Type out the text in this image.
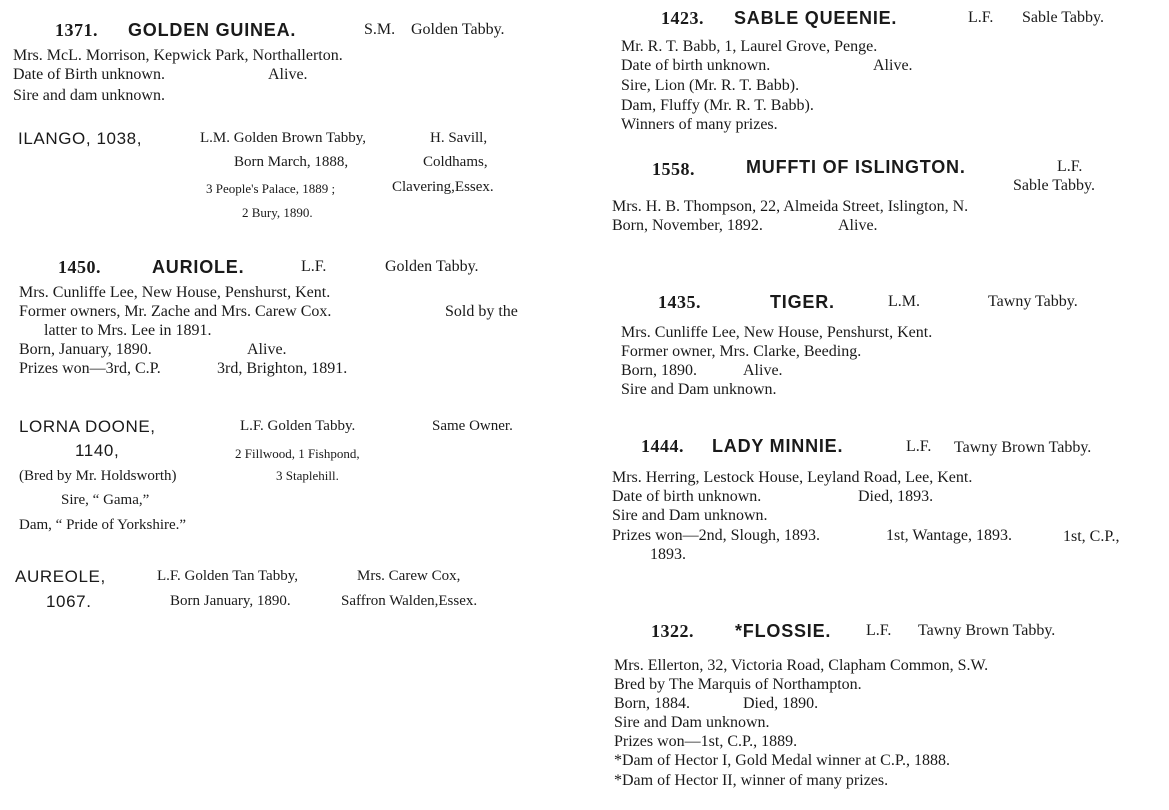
1371. GOLDEN GUINEA.	S.M. Golden Tabby.
Mrs. McL. Morrison, Kepwick Park, Northallerton.
Date of Birth unknown.	Alive.
Sire and dam unknown.
ILANGO, 1038,	L.M. Golden Brown Tabby,	H. Savill,
Born March, 1888,	Coldhams,
3 People's Palace, 1889 ;	Clavering,Essex.
2 Bury, 1890.
1450.	AURIOLE.	L.F.	Golden Tabby.
Mrs. Cunliffe Lee, New House, Penshurst, Kent.
Former owners, Mr. Zache and Mrs. Carew Cox.	Sold by the
latter to Mrs. Lee in 1891.
Born, January, 1890.	Alive.
Prizes won—3rd, C.P.	3rd, Brighton, 1891.
LORNA DOONE,	L.F. Golden Tabby.	Same Owner.
1140,	2 Fillwood, 1 Fishpond,
(Bred by Mr. Holdsworth)	3 Staplehill.
Sire, “ Gama,”
Dam, “ Pride of Yorkshire.”
AUREOLE,	L.F. Golden Tan Tabby,	Mrs. Carew Cox,
1067.	Born January, 1890.	Saffron Walden,Essex.
1423. SABLE QUEENIE.	L.F. Sable Tabby.
Mr. R. T. Babb, 1, Laurel Grove, Penge.
Date of birth unknown.	Alive.
Sire, Lion (Mr. R. T. Babb).
Dam, Fluffy (Mr. R. T. Babb).
Winners of many prizes.
1558.	MUFFTI OF ISLINGTON.	L.F.
Sable Tabby.
Mrs. H. B. Thompson, 22, Almeida Street, Islington, N.
Born, November, 1892.	Alive.
1435.	TIGER.	L.M.	Tawny Tabby.
Mrs. Cunliffe Lee, New House, Penshurst, Kent.
Former owner, Mrs. Clarke, Beeding.
Born, 1890.	Alive.
Sire and Dam unknown.
1444. LADY MINNIE.	L.F. Tawny Brown Tabby.
Mrs. Herring, Lestock House, Leyland Road, Lee, Kent.
Date of birth unknown.	Died, 1893.
Sire and Dam unknown.
Prizes won—2nd, Slough, 1893.	1st, Wantage, 1893.	1st, C.P.,
1893.
1322. *FLOSSIE. L.F. Tawny Brown Tabby.
Mrs. Ellerton, 32, Victoria Road, Clapham Common, S.W.
Bred by The Marquis of Northampton.
Born, 1884.	Died, 1890.
Sire and Dam unknown.
Prizes won—1st, C.P., 1889.
*Dam of Hector I, Gold Medal winner at C.P., 1888.
*Dam of Hector II, winner of many prizes.
